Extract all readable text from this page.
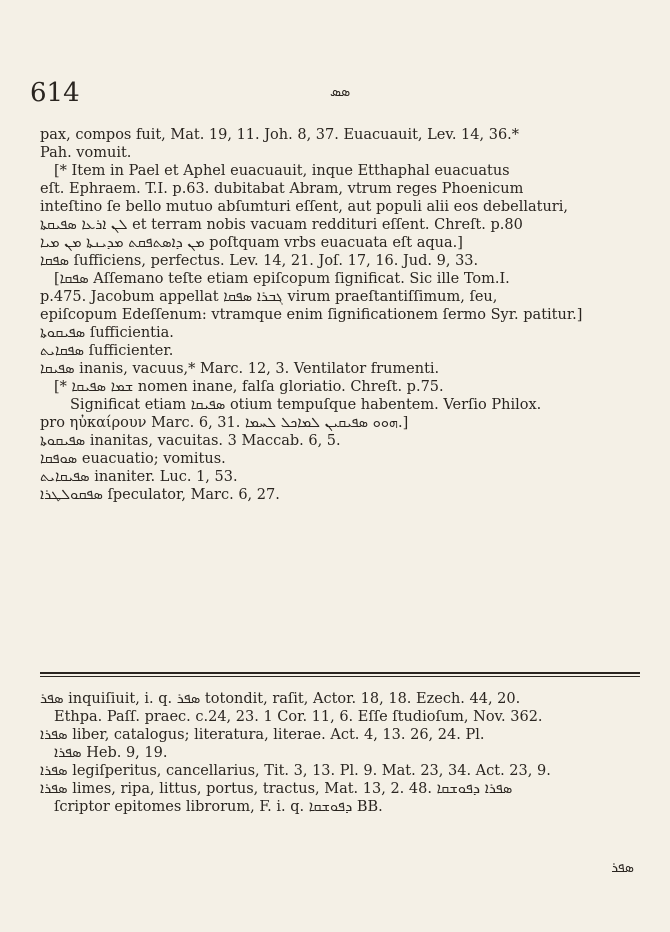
614	ܣܣ

pax, compos fuit, Mat. 19, 11. Joh. 8, 37. Euacuauit, Lev. 14, 36.*

Pah. vomuit.

[* Item in Pael et Aphel euacuauit, inque Etthaphal euacuatus

eſt. Ephraem. T.I. p.63. dubitabat Abram, vtrum reges Phoenicum

inteſtino ſe bello mutuo abſumturi eſſent, aut populi alii eos debellaturi,

ܠܢ ܐܪܥܐ ܣܦܝܩܬܐ et terram nobis vacuam reddituri eſſent. Chreſt. p.80

ܡܢ ܕܐܣܬܦܩܬ ܡܕܝܢܬܐ ܡܢ ܡܝܐ poſtquam vrbs euacuata eſt aqua.]

ܣܦܩܐ ſufficiens, perfectus. Lev. 14, 21. Joſ. 17, 16. Jud. 9, 33.

[ܣܦܩܐ Aſſemano teſte etiam epiſcopum ſignificat. Sic ille Tom.I.

p.475. Jacobum appellat ܓܒܪܐ ܣܦܩܐ virum praeſtantiſſimum, ſeu,

epiſcopum Edeſſenum: vtramque enim ſignificationem ſermo Syr. patitur.]

ܣܦܝܩܘܬܐ ſufficientia.

ܣܦܩܐܝܬ ſufficienter.

ܣܦܝܩܐ inanis, vacuus,* Marc. 12, 3. Ventilator frumenti.

[* ܫܡܐ ܣܦܝܩܐ nomen inane, falſa gloriatio. Chreſt. p.75.

Significat etiam ܣܦܝܩܐ otium tempuſque habentem. Verſio Philox.

pro ηὐκαίρουν Marc. 6, 31. ܗܘܘ ܣܦܝܩܝܢ ܠܡܐܟܠ ܠܚܡܐ.]

ܣܦܝܩܘܬܐ inanitas, vacuitas. 3 Maccab. 6, 5.

ܣܘܦܩܐ euacuatio; vomitus.

ܣܦܝܩܐܝܬ inaniter. Luc. 1, 53.

ܣܦܩܘܠܛܪܐ ſpeculator, Marc. 6, 27.

ܣܦܪ inquiſiuit, i. q. ܣܦܪ totondit, raſit, Actor. 18, 18. Ezech. 44, 20.

Ethpa. Paſſ. praec. c.24, 23. 1 Cor. 11, 6. Eſſe ſtudioſum, Nov. 362.

ܣܦܪܐ liber, catalogus; literatura, literae. Act. 4, 13. 26, 24. Pl.

ܣܦܪܐ Heb. 9, 19.

ܣܦܪܐ legiſperitus, cancellarius, Tit. 3, 13. Pl. 9. Mat. 23, 34. Act. 23, 9.

ܣܦܪܐ limes, ripa, littus, portus, tractus, Mat. 13, 2. 48. ܣܦܪܐ ܕܦܘܫܩܐ

ſcriptor epitomes librorum, F. i. q. ܕܦܘܫܩܐ BB.

ܣܦܪ
